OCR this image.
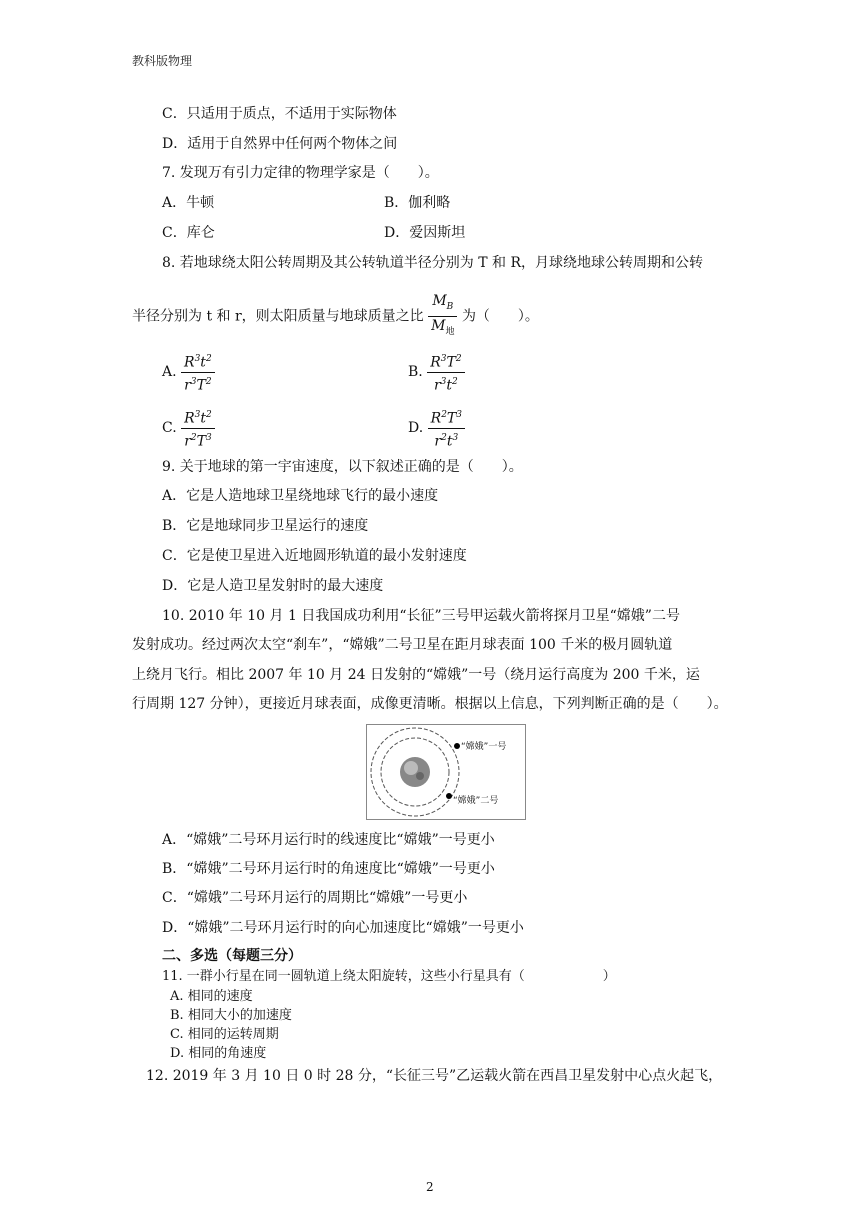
教科版物理
C．只适用于质点，不适用于实际物体
D．适用于自然界中任何两个物体之间
7. 发现万有引力定律的物理学家是（　　）。
A．牛顿	B．伽利略
C．库仑	D．爱因斯坦
8. 若地球绕太阳公转周期及其公转轨道半径分别为 T 和 R，月球绕地球公转周期和公转
半径分别为 t 和 r，则太阳质量与地球质量之比 $\frac{M_B}{M_地}$ 为（　　）。
A. $\frac{R^3t^2}{r^3T^2}$	B. $\frac{R^3T^2}{r^3t^2}$
C. $\frac{R^3t^2}{r^2T^3}$	D. $\frac{R^2T^3}{r^2t^3}$
9. 关于地球的第一宇宙速度，以下叙述正确的是（　　）。
A．它是人造地球卫星绕地球飞行的最小速度
B．它是地球同步卫星运行的速度
C．它是使卫星进入近地圆形轨道的最小发射速度
D．它是人造卫星发射时的最大速度
10. 2010 年 10 月 1 日我国成功利用“长征”三号甲运载火箭将探月卫星“嫦娥”二号
发射成功。经过两次太空“刹车”，“嫦娥”二号卫星在距月球表面 100 千米的极月圆轨道
上绕月飞行。相比 2007 年 10 月 24 日发射的“嫦娥”一号（绕月运行高度为 200 千米，运
行周期 127 分钟），更接近月球表面，成像更清晰。根据以上信息，下列判断正确的是（　　）。
“嫦娥”一号
“嫦娥”二号
A．“嫦娥”二号环月运行时的线速度比“嫦娥”一号更小
B．“嫦娥”二号环月运行时的角速度比“嫦娥”一号更小
C．“嫦娥”二号环月运行的周期比“嫦娥”一号更小
D．“嫦娥”二号环月运行时的向心加速度比“嫦娥”一号更小
二、多选（每题三分）
11. 一群小行星在同一圆轨道上绕太阳旋转，这些小行星具有（　　　　　　）
A. 相同的速度
B. 相同大小的加速度
C. 相同的运转周期
D. 相同的角速度
12. 2019 年 3 月 10 日 0 时 28 分，“长征三号”乙运载火箭在西昌卫星发射中心点火起飞，
2
